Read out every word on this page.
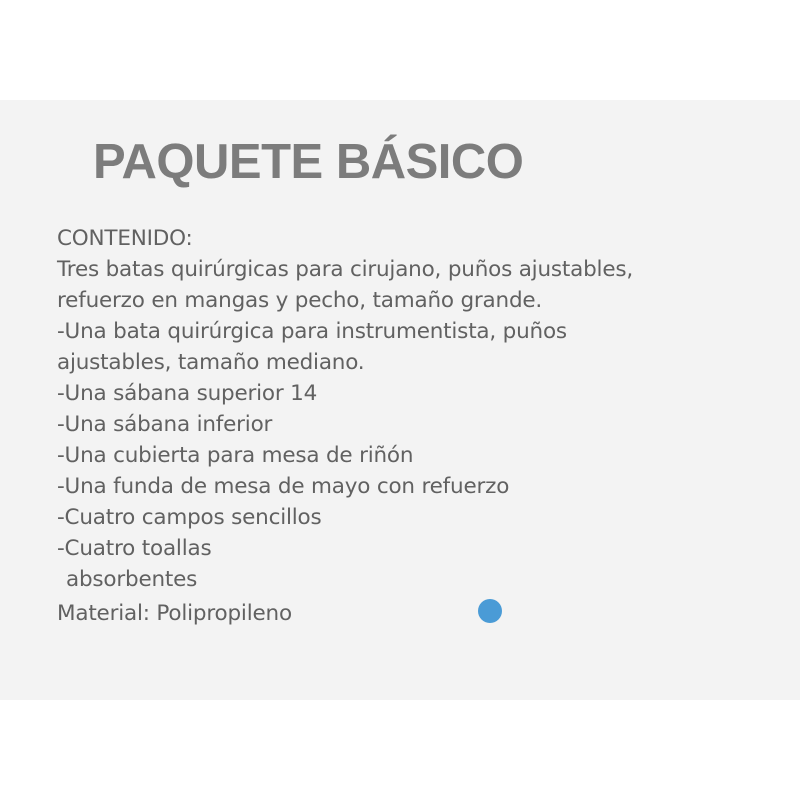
PAQUETE BÁSICO

CONTENIDO:

Tres batas quirúrgicas para cirujano, puños ajustables,

refuerzo en mangas y pecho, tamaño grande.

-Una bata quirúrgica para instrumentista, puños

ajustables, tamaño mediano.

-Una sábana superior 14

-Una sábana inferior

-Una cubierta para mesa de riñón

-Una funda de mesa de mayo con refuerzo

-Cuatro campos sencillos

-Cuatro toallas

absorbentes

Material: Polipropileno
